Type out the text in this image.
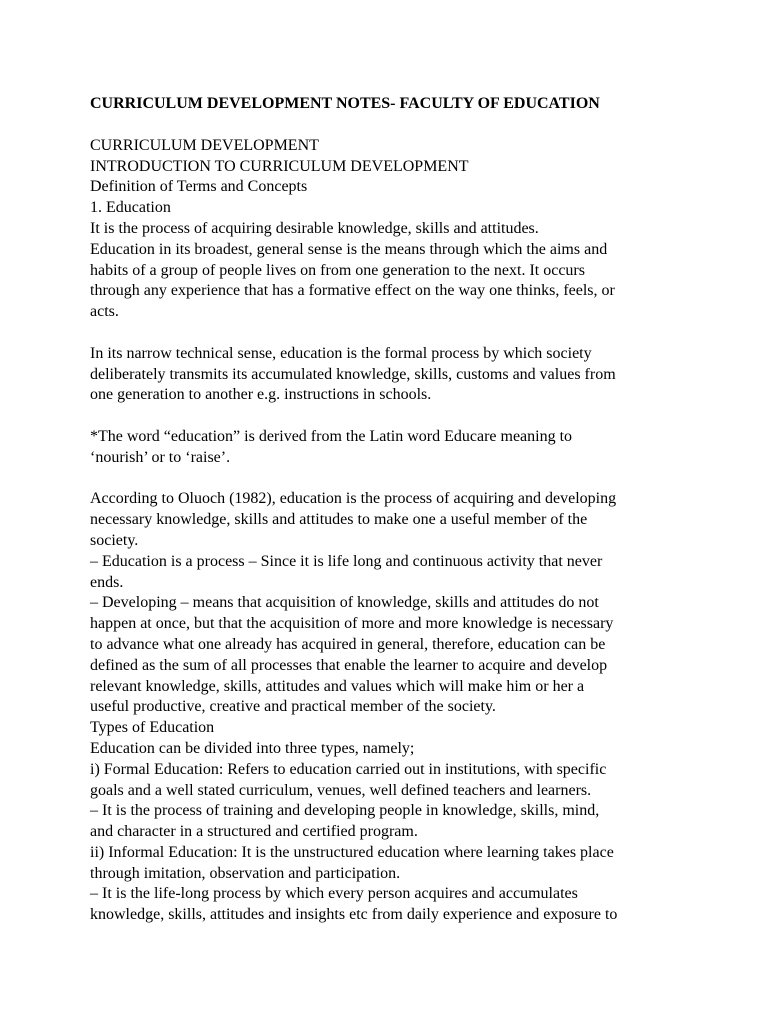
CURRICULUM DEVELOPMENT NOTES- FACULTY OF EDUCATION
CURRICULUM DEVELOPMENT
INTRODUCTION TO CURRICULUM DEVELOPMENT
Definition of Terms and Concepts
1. Education
It is the process of acquiring desirable knowledge, skills and attitudes.
Education in its broadest, general sense is the means through which the aims and
habits of a group of people lives on from one generation to the next. It occurs
through any experience that has a formative effect on the way one thinks, feels, or
acts.
In its narrow technical sense, education is the formal process by which society
deliberately transmits its accumulated knowledge, skills, customs and values from
one generation to another e.g. instructions in schools.
*The word “education” is derived from the Latin word Educare meaning to
‘nourish’ or to ‘raise’.
According to Oluoch (1982), education is the process of acquiring and developing
necessary knowledge, skills and attitudes to make one a useful member of the
society.
– Education is a process – Since it is life long and continuous activity that never
ends.
– Developing – means that acquisition of knowledge, skills and attitudes do not
happen at once, but that the acquisition of more and more knowledge is necessary
to advance what one already has acquired in general, therefore, education can be
defined as the sum of all processes that enable the learner to acquire and develop
relevant knowledge, skills, attitudes and values which will make him or her a
useful productive, creative and practical member of the society.
Types of Education
Education can be divided into three types, namely;
i) Formal Education: Refers to education carried out in institutions, with specific
goals and a well stated curriculum, venues, well defined teachers and learners.
– It is the process of training and developing people in knowledge, skills, mind,
and character in a structured and certified program.
ii) Informal Education: It is the unstructured education where learning takes place
through imitation, observation and participation.
– It is the life-long process by which every person acquires and accumulates
knowledge, skills, attitudes and insights etc from daily experience and exposure to
